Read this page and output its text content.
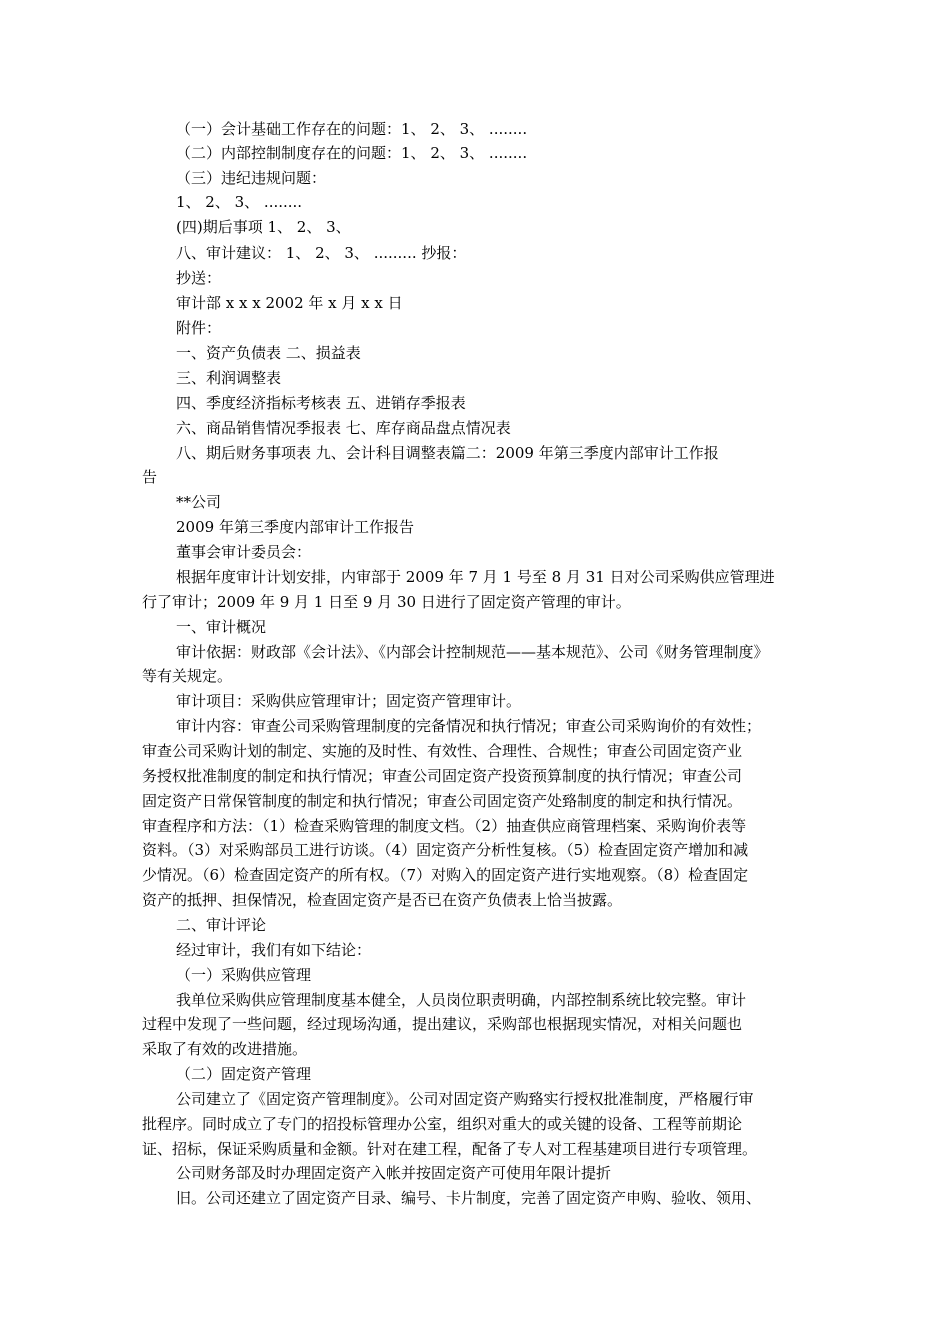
（一）会计基础工作存在的问题：1、 2、 3、 ........
（二）内部控制制度存在的问题：1、 2、 3、 ........
（三）违纪违规问题：
1、 2、 3、 ........
(四)期后事项 1、 2、 3、
八、审计建议： 1、 2、 3、 ......... 抄报：
抄送：
审计部 x x x 2002 年 x 月 x x 日
附件：
一、资产负债表 二、损益表
三、利润调整表
四、季度经济指标考核表 五、进销存季报表
六、商品销售情况季报表 七、库存商品盘点情况表
八、期后财务事项表 九、会计科目调整表篇二：2009 年第三季度内部审计工作报
告
**公司
2009 年第三季度内部审计工作报告
董事会审计委员会：
根据年度审计计划安排，内审部于 2009 年 7 月 1 号至 8 月 31 日对公司采购供应管理进
行了审计；2009 年 9 月 1 日至 9 月 30 日进行了固定资产管理的审计。
一、审计概况
审计依据：财政部《会计法》、《内部会计控制规范——基本规范》、公司《财务管理制度》
等有关规定。
审计项目：采购供应管理审计；固定资产管理审计。
审计内容：审查公司采购管理制度的完备情况和执行情况；审查公司采购询价的有效性；
审查公司采购计划的制定、实施的及时性、有效性、合理性、合规性；审查公司固定资产业
务授权批准制度的制定和执行情况；审查公司固定资产投资预算制度的执行情况；审查公司
固定资产日常保管制度的制定和执行情况；审查公司固定资产处臵制度的制定和执行情况。
审查程序和方法：（1）检查采购管理的制度文档。（2）抽查供应商管理档案、采购询价表等
资料。（3）对采购部员工进行访谈。（4）固定资产分析性复核。（5）检查固定资产增加和减
少情况。（6）检查固定资产的所有权。（7）对购入的固定资产进行实地观察。（8）检查固定
资产的抵押、担保情况，检查固定资产是否已在资产负债表上恰当披露。
二、审计评论
经过审计，我们有如下结论：
（一）采购供应管理
我单位采购供应管理制度基本健全，人员岗位职责明确，内部控制系统比较完整。审计
过程中发现了一些问题，经过现场沟通，提出建议，采购部也根据现实情况，对相关问题也
采取了有效的改进措施。
（二）固定资产管理
公司建立了《固定资产管理制度》。公司对固定资产购臵实行授权批准制度，严格履行审
批程序。同时成立了专门的招投标管理办公室，组织对重大的或关键的设备、工程等前期论
证、招标，保证采购质量和金额。针对在建工程，配备了专人对工程基建项目进行专项管理。
公司财务部及时办理固定资产入帐并按固定资产可使用年限计提折
旧。公司还建立了固定资产目录、编号、卡片制度，完善了固定资产申购、验收、领用、
